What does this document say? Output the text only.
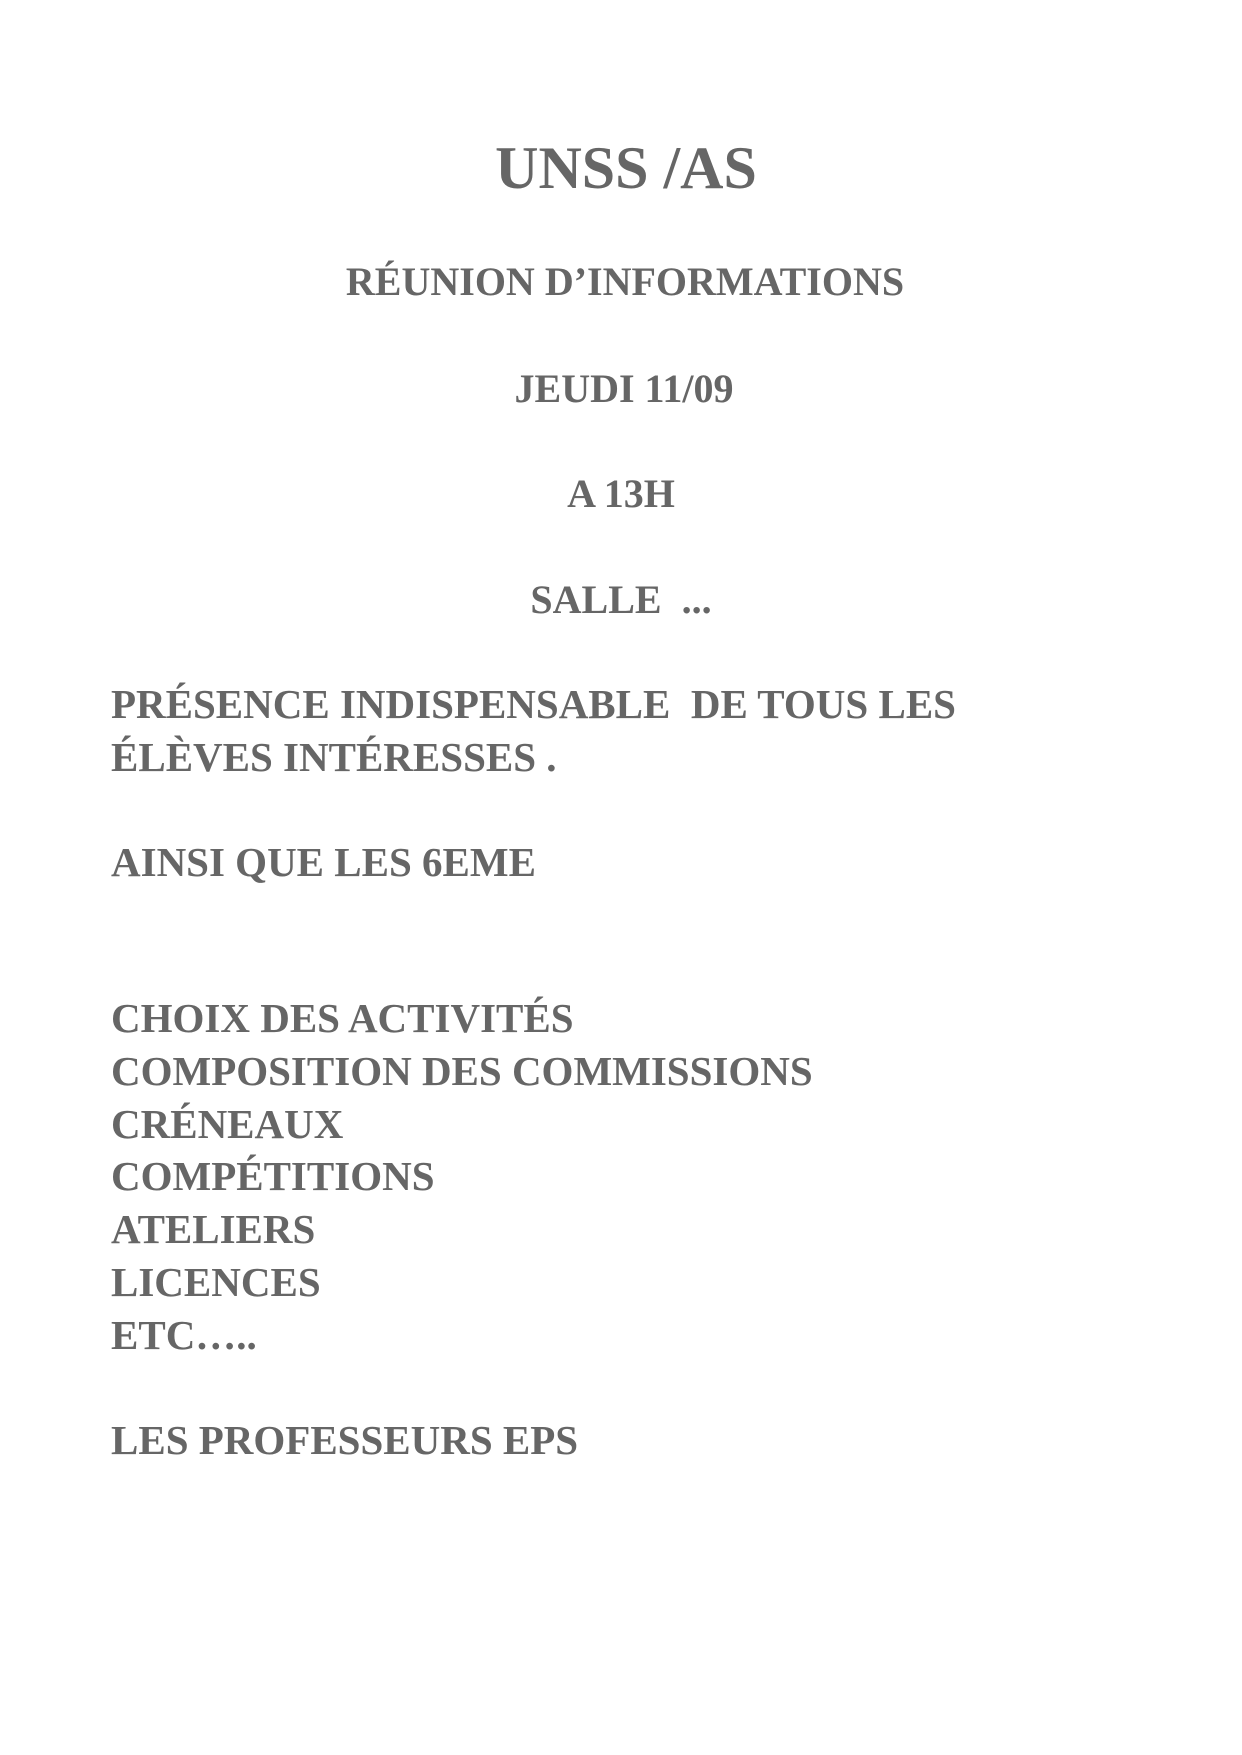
UNSS /AS
RÉUNION D’INFORMATIONS
JEUDI 11/09
A 13H
SALLE  ...
PRÉSENCE INDISPENSABLE  DE TOUS LES
ÉLÈVES INTÉRESSES .
AINSI QUE LES 6EME
CHOIX DES ACTIVITÉS
COMPOSITION DES COMMISSIONS
CRÉNEAUX
COMPÉTITIONS
ATELIERS
LICENCES
ETC…..
LES PROFESSEURS EPS
